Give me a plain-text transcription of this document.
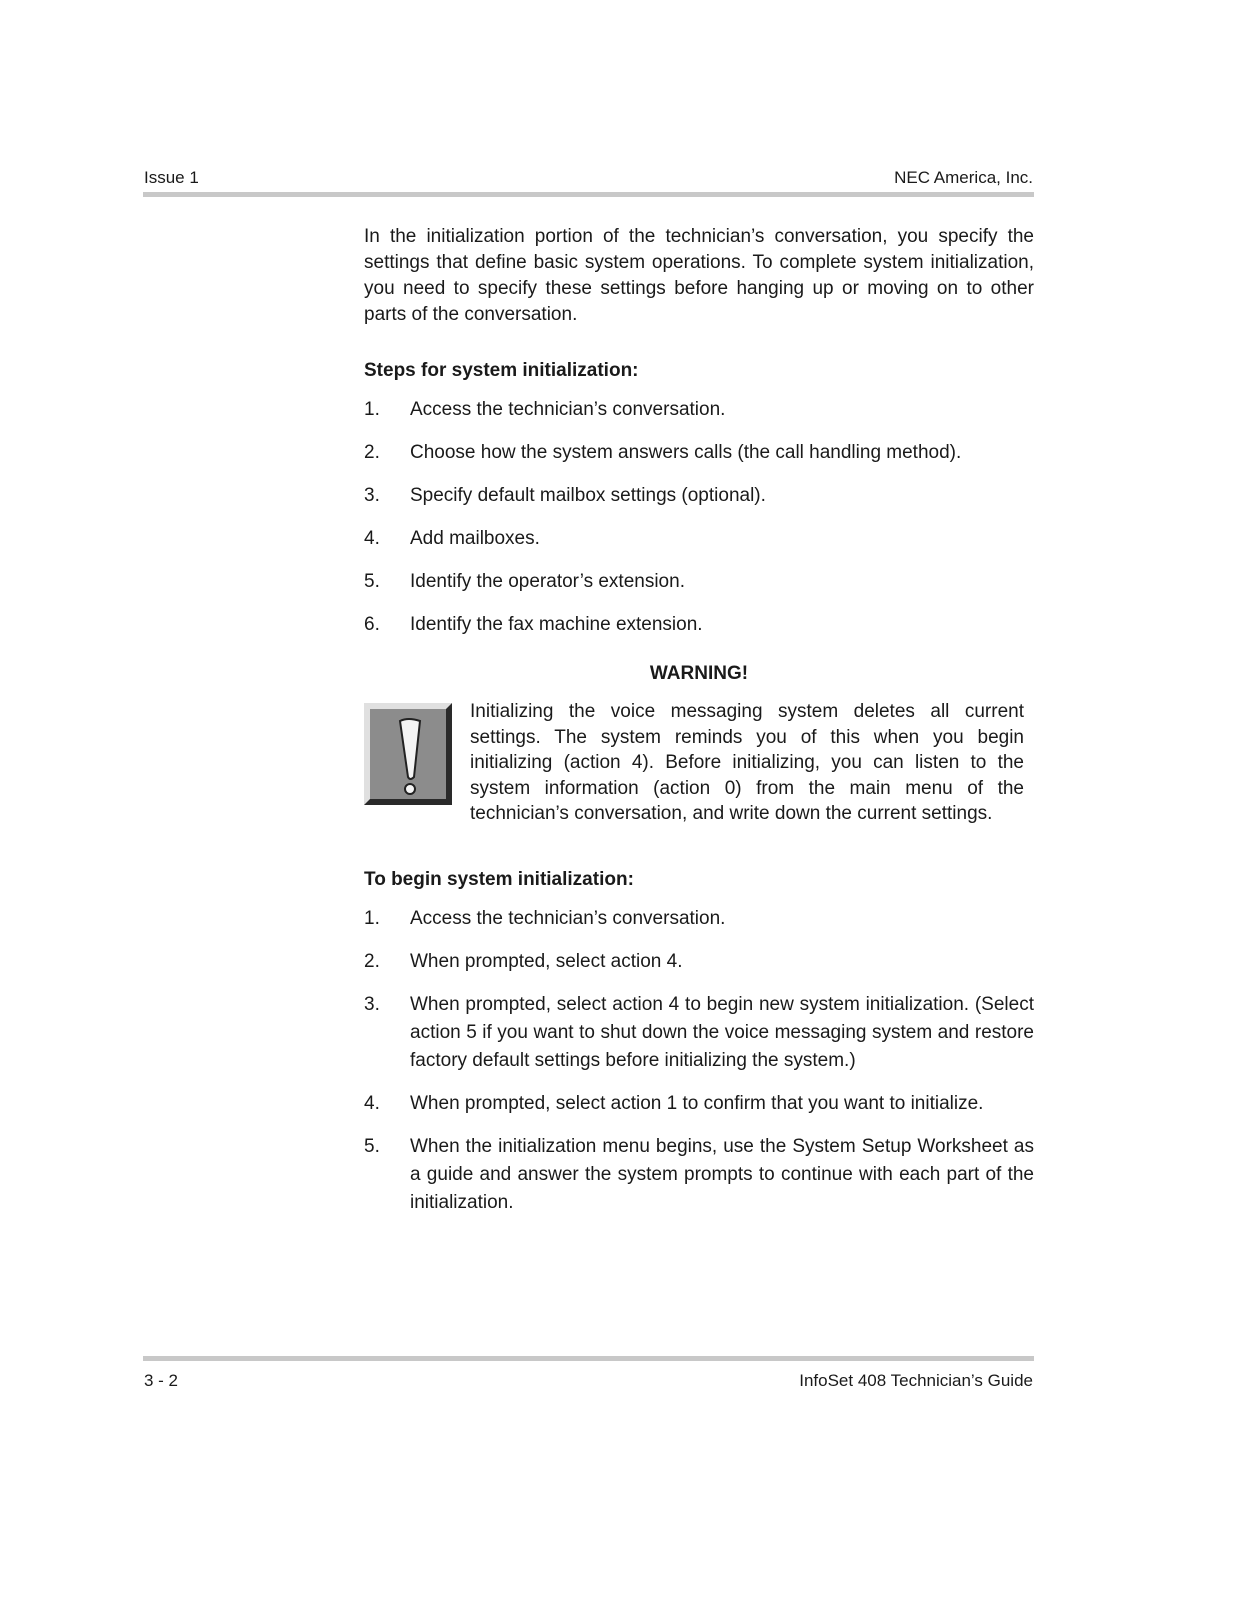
Issue 1	NEC America, Inc.

In the initialization portion of the technician’s conversation, you specify the settings that define basic system operations. To complete system initialization, you need to specify these settings before hanging up or moving on to other parts of the conversation.

Steps for system initialization:
1.	Access the technician’s conversation.
2.	Choose how the system answers calls (the call handling method).
3.	Specify default mailbox settings (optional).
4.	Add mailboxes.
5.	Identify the operator’s extension.
6.	Identify the fax machine extension.
WARNING!

Initializing the voice messaging system deletes all current settings. The system reminds you of this when you begin initializing (action 4). Before initializing, you can listen to the system information (action 0) from the main menu of the technician’s conversation, and write down the current settings.

To begin system initialization:
1.	Access the technician’s conversation.
2.	When prompted, select action 4.
3.	When prompted, select action 4 to begin new system initialization. (Select action 5 if you want to shut down the voice messaging system and restore factory default settings before initializing the system.)
4.	When prompted, select action 1 to confirm that you want to initialize.
5.	When the initialization menu begins, use the System Setup Worksheet as a guide and answer the system prompts to continue with each part of the initialization.
3 - 2	InfoSet 408 Technician’s Guide
